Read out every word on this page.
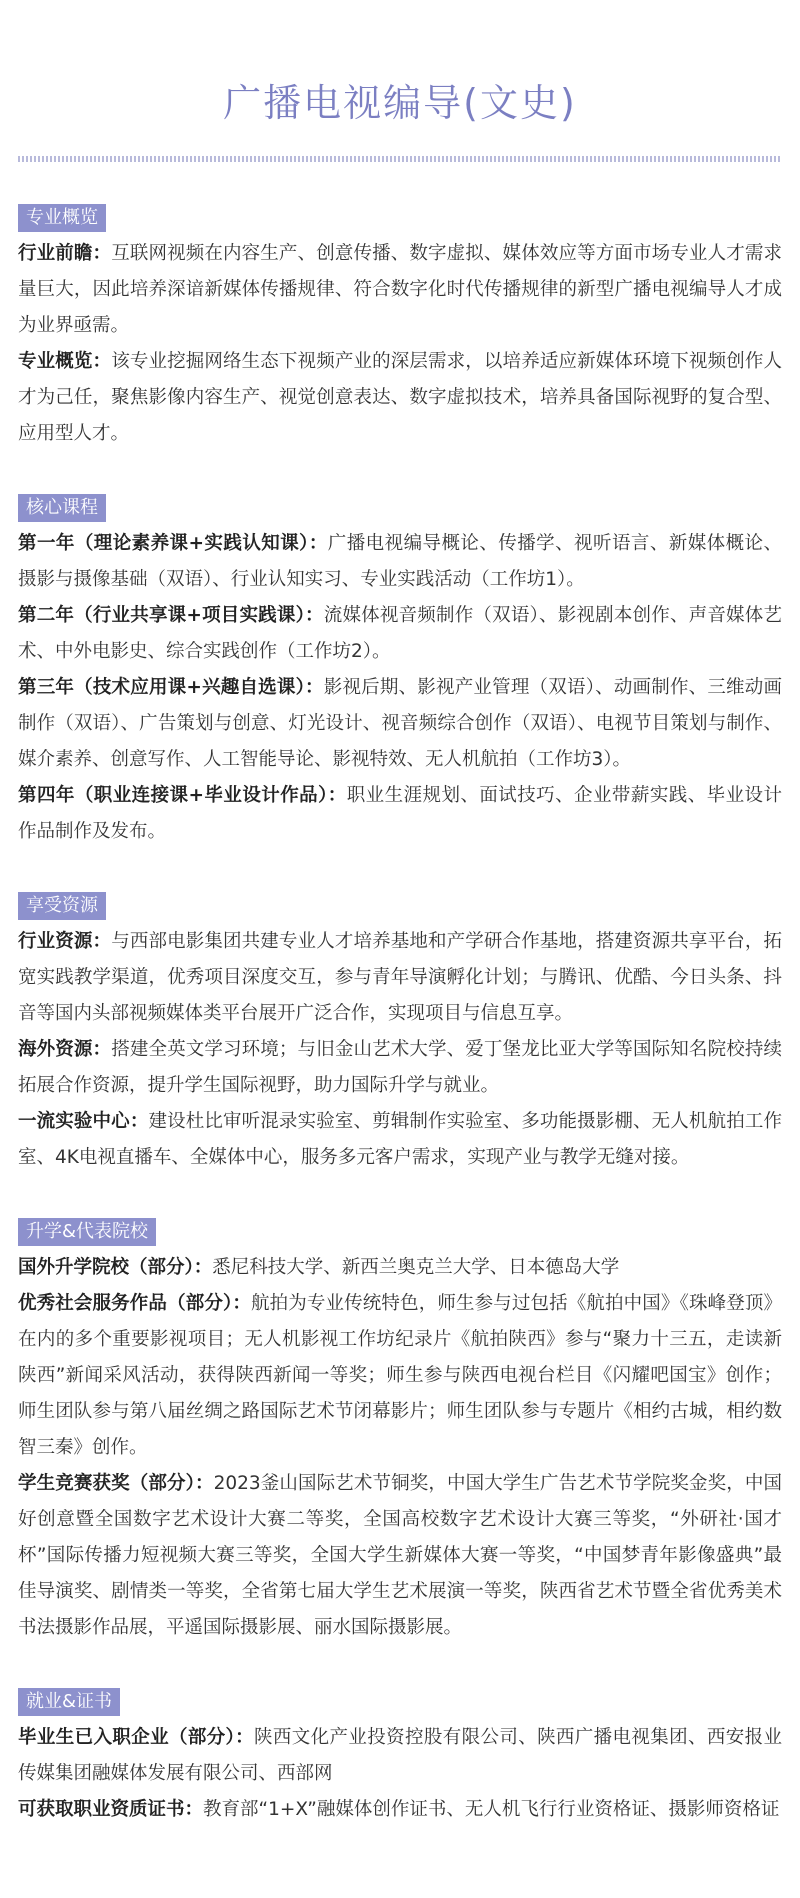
广播电视编导(文史)
专业概览

行业前瞻：互联网视频在内容生产、创意传播、数字虚拟、媒体效应等方面市场专业人才需求量巨大，因此培养深谙新媒体传播规律、符合数字化时代传播规律的新型广播电视编导人才成为业界亟需。

专业概览：该专业挖掘网络生态下视频产业的深层需求，以培养适应新媒体环境下视频创作人才为己任，聚焦影像内容生产、视觉创意表达、数字虚拟技术，培养具备国际视野的复合型、应用型人才。

核心课程

第一年（理论素养课+实践认知课）：广播电视编导概论、传播学、视听语言、新媒体概论、摄影与摄像基础（双语）、行业认知实习、专业实践活动（工作坊1）。

第二年（行业共享课+项目实践课）：流媒体视音频制作（双语）、影视剧本创作、声音媒体艺术、中外电影史、综合实践创作（工作坊2）。

第三年（技术应用课+兴趣自选课）：影视后期、影视产业管理（双语）、动画制作、三维动画制作（双语）、广告策划与创意、灯光设计、视音频综合创作（双语）、电视节目策划与制作、媒介素养、创意写作、人工智能导论、影视特效、无人机航拍（工作坊3）。

第四年（职业连接课+毕业设计作品）：职业生涯规划、面试技巧、企业带薪实践、毕业设计作品制作及发布。

享受资源

行业资源：与西部电影集团共建专业人才培养基地和产学研合作基地，搭建资源共享平台，拓宽实践教学渠道，优秀项目深度交互，参与青年导演孵化计划；与腾讯、优酷、今日头条、抖音等国内头部视频媒体类平台展开广泛合作，实现项目与信息互享。

海外资源：搭建全英文学习环境；与旧金山艺术大学、爱丁堡龙比亚大学等国际知名院校持续拓展合作资源，提升学生国际视野，助力国际升学与就业。

一流实验中心：建设杜比审听混录实验室、剪辑制作实验室、多功能摄影棚、无人机航拍工作室、4K电视直播车、全媒体中心，服务多元客户需求，实现产业与教学无缝对接。

升学&代表院校

国外升学院校（部分）：悉尼科技大学、新西兰奥克兰大学、日本德岛大学

优秀社会服务作品（部分）：航拍为专业传统特色，师生参与过包括《航拍中国》《珠峰登顶》在内的多个重要影视项目；无人机影视工作坊纪录片《航拍陕西》参与“聚力十三五，走读新陕西”新闻采风活动，获得陕西新闻一等奖；师生参与陕西电视台栏目《闪耀吧国宝》创作；师生团队参与第八届丝绸之路国际艺术节闭幕影片；师生团队参与专题片《相约古城，相约数智三秦》创作。

学生竞赛获奖（部分）：2023釜山国际艺术节铜奖，中国大学生广告艺术节学院奖金奖，中国好创意暨全国数字艺术设计大赛二等奖，全国高校数字艺术设计大赛三等奖，“外研社·国才杯”国际传播力短视频大赛三等奖，全国大学生新媒体大赛一等奖，“中国梦青年影像盛典”最佳导演奖、剧情类一等奖，全省第七届大学生艺术展演一等奖，陕西省艺术节暨全省优秀美术书法摄影作品展，平遥国际摄影展、丽水国际摄影展。

就业&证书

毕业生已入职企业（部分）：陕西文化产业投资控股有限公司、陕西广播电视集团、西安报业传媒集团融媒体发展有限公司、西部网

可获取职业资质证书：教育部“1+X”融媒体创作证书、无人机飞行行业资格证、摄影师资格证
